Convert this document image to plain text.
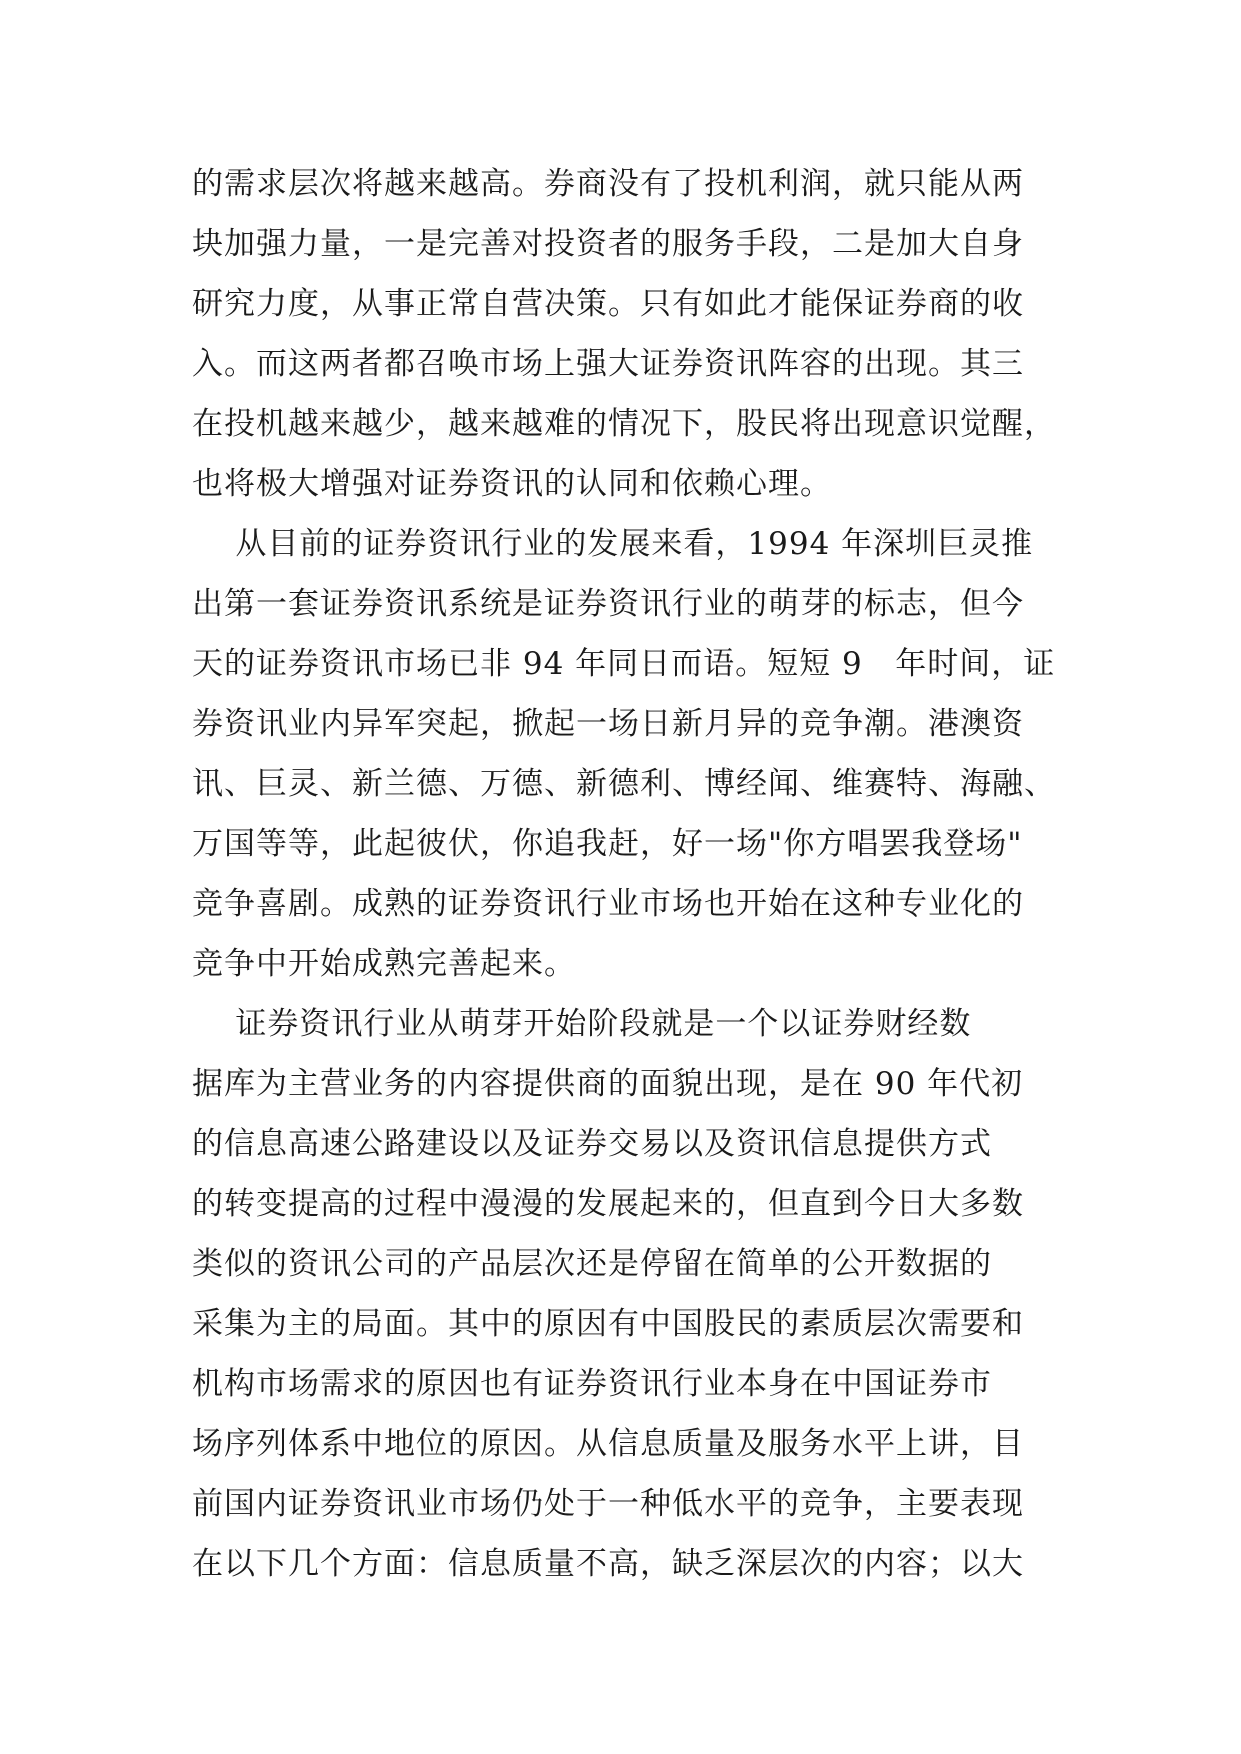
的需求层次将越来越高。券商没有了投机利润，就只能从两
块加强力量，一是完善对投资者的服务手段，二是加大自身
研究力度，从事正常自营决策。只有如此才能保证券商的收
入。而这两者都召唤市场上强大证券资讯阵容的出现。其三
在投机越来越少，越来越难的情况下，股民将出现意识觉醒，
也将极大增强对证券资讯的认同和依赖心理。
从目前的证券资讯行业的发展来看，1994 年深圳巨灵推
出第一套证券资讯系统是证券资讯行业的萌芽的标志，但今
天的证券资讯市场已非 94 年同日而语。短短 9   年时间，证
券资讯业内异军突起，掀起一场日新月异的竞争潮。港澳资
讯、巨灵、新兰德、万德、新德利、博经闻、维赛特、海融、
万国等等，此起彼伏，你追我赶，好一场"你方唱罢我登场"
竞争喜剧。成熟的证券资讯行业市场也开始在这种专业化的
竞争中开始成熟完善起来。
证券资讯行业从萌芽开始阶段就是一个以证券财经数
据库为主营业务的内容提供商的面貌出现，是在 90 年代初
的信息高速公路建设以及证券交易以及资讯信息提供方式
的转变提高的过程中漫漫的发展起来的，但直到今日大多数
类似的资讯公司的产品层次还是停留在简单的公开数据的
采集为主的局面。其中的原因有中国股民的素质层次需要和
机构市场需求的原因也有证券资讯行业本身在中国证券市
场序列体系中地位的原因。从信息质量及服务水平上讲，目
前国内证券资讯业市场仍处于一种低水平的竞争，主要表现
在以下几个方面：信息质量不高，缺乏深层次的内容；以大
